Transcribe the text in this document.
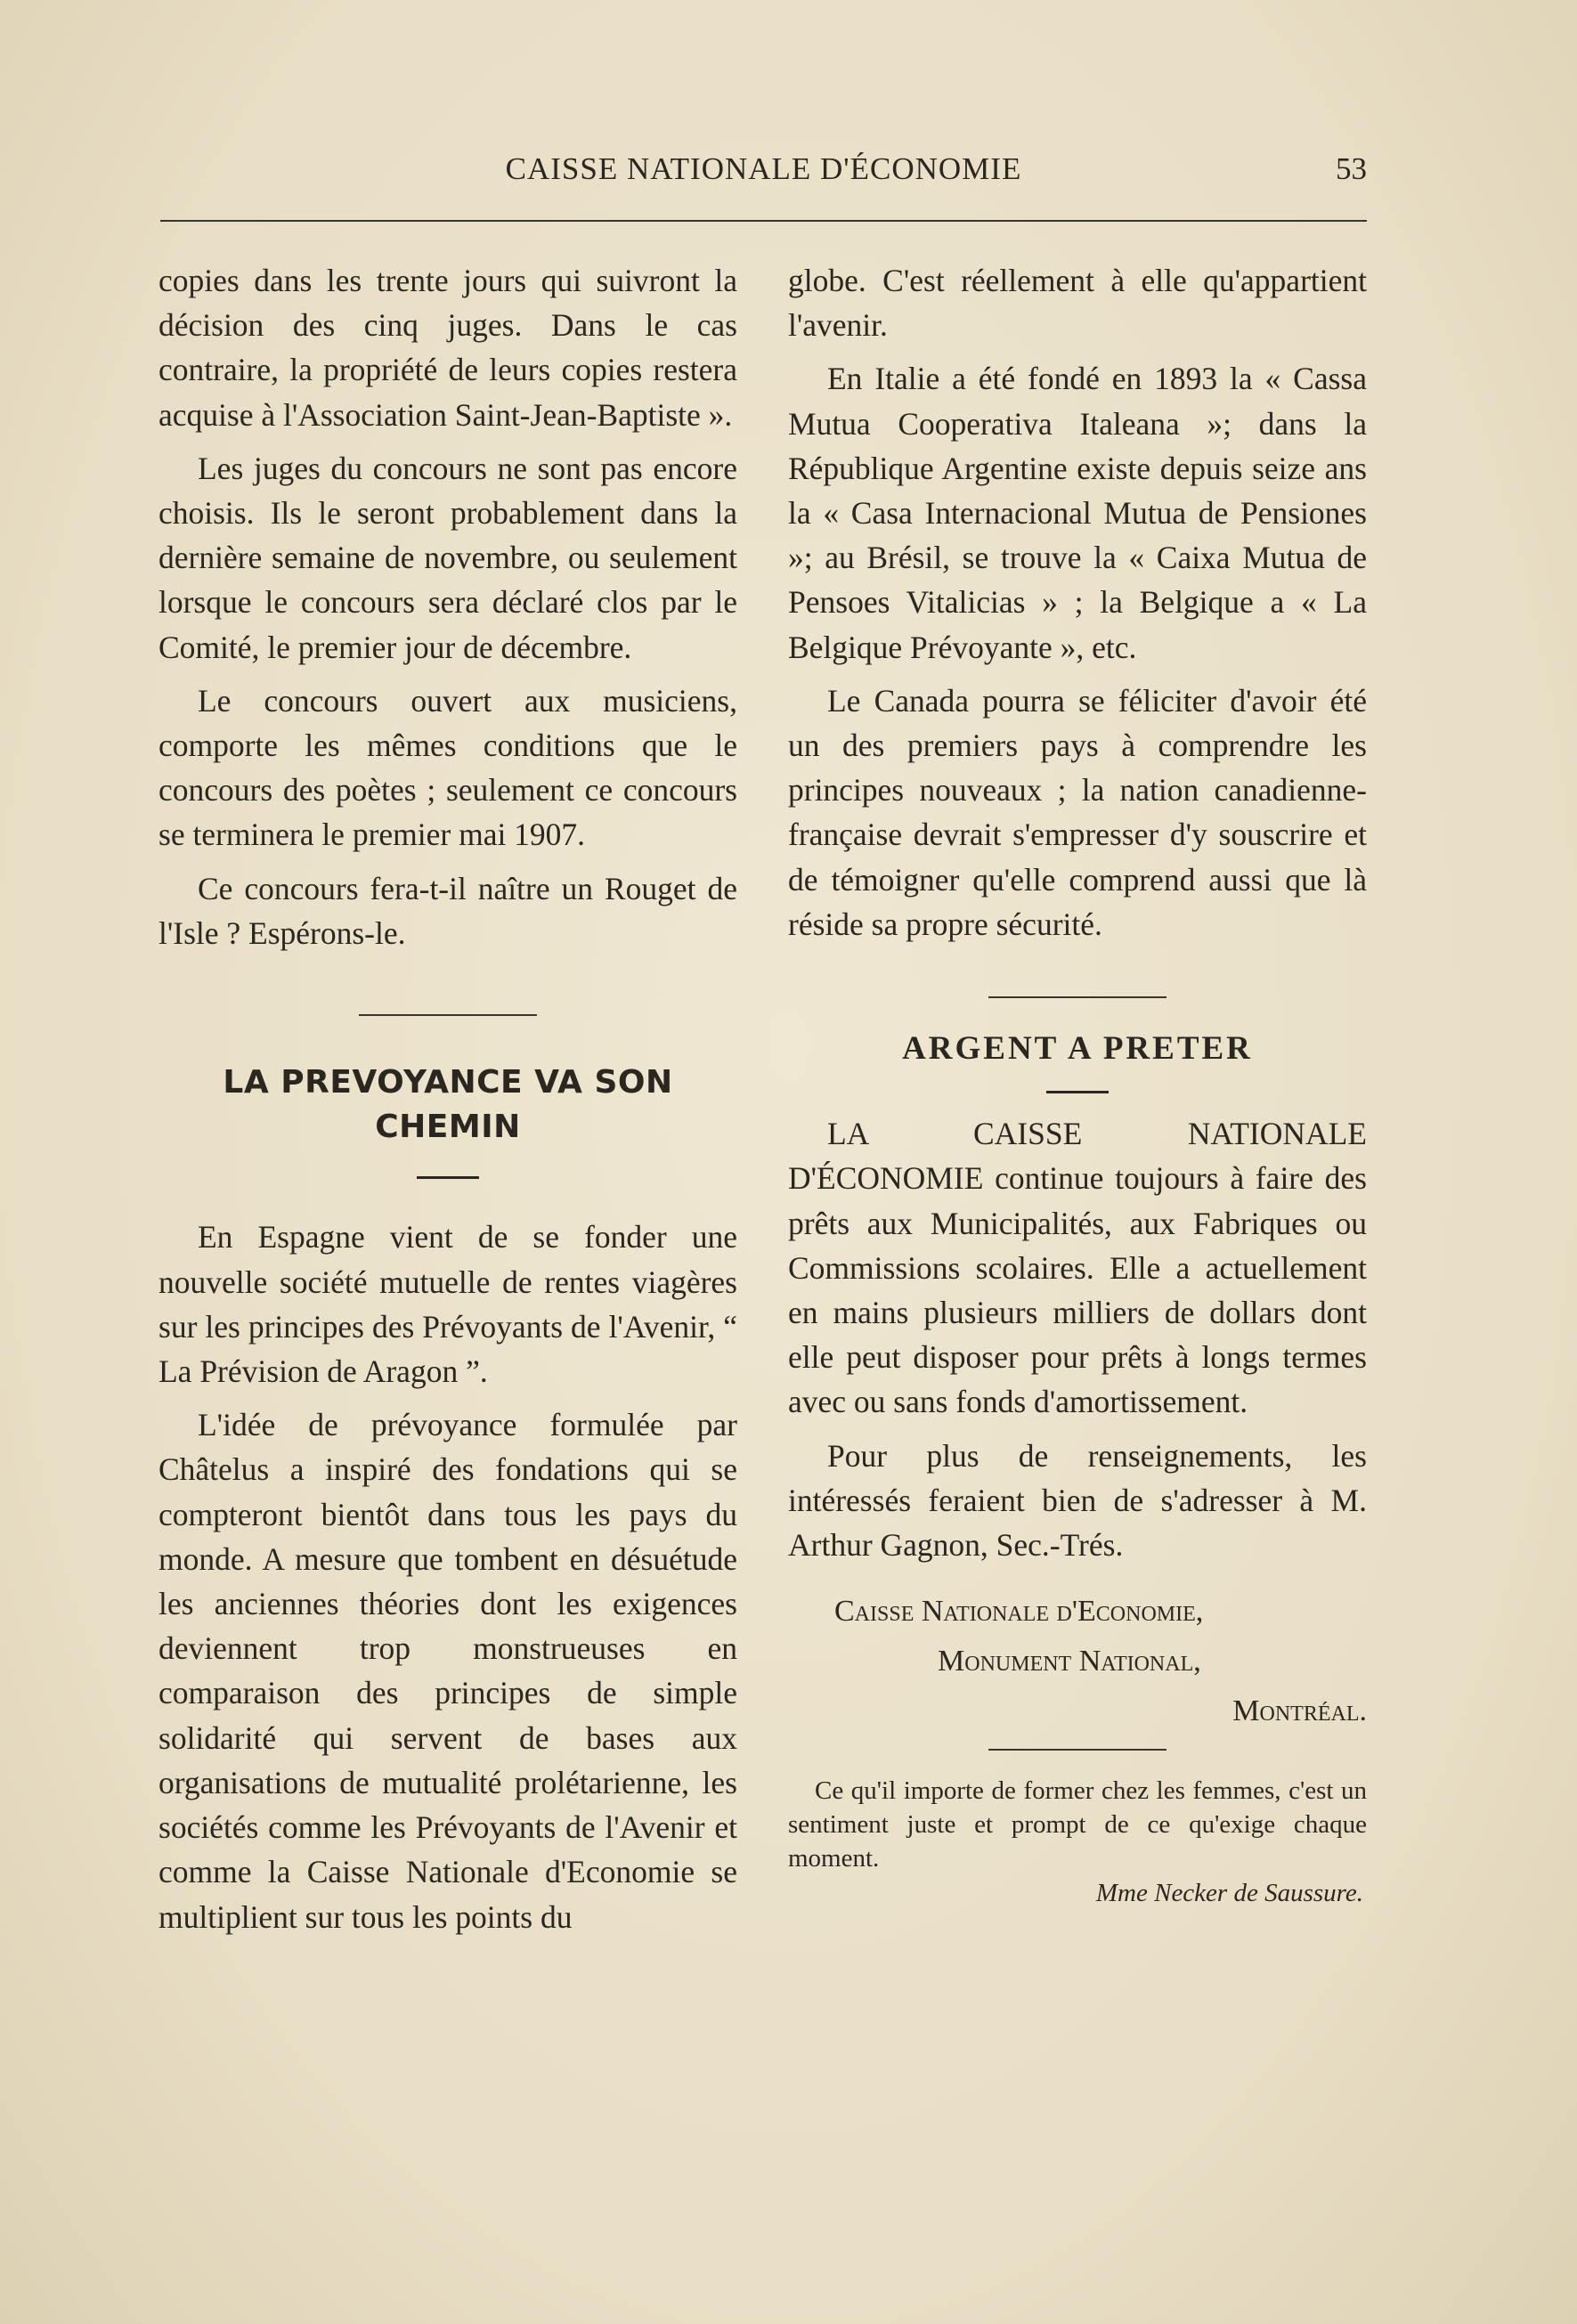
CAISSE NATIONALE D'ÉCONOMIE	53

copies dans les trente jours qui suivront la décision des cinq juges. Dans le cas contraire, la propriété de leurs copies restera acquise à l'Association Saint-Jean-Baptiste ».

Les juges du concours ne sont pas encore choisis. Ils le seront probablement dans la dernière semaine de novembre, ou seulement lorsque le concours sera déclaré clos par le Comité, le premier jour de décembre.

Le concours ouvert aux musiciens, comporte les mêmes conditions que le concours des poètes ; seulement ce concours se terminera le premier mai 1907.

Ce concours fera-t-il naître un Rouget de l'Isle ? Espérons-le.

LA PREVOYANCE VA SON CHEMIN

En Espagne vient de se fonder une nouvelle société mutuelle de rentes viagères sur les principes des Prévoyants de l'Avenir, “ La Prévision de Aragon ”.

L'idée de prévoyance formulée par Châtelus a inspiré des fondations qui se compteront bientôt dans tous les pays du monde. A mesure que tombent en désuétude les anciennes théories dont les exigences deviennent trop monstrueuses en comparaison des principes de simple solidarité qui servent de bases aux organisations de mutualité prolétarienne, les sociétés comme les Prévoyants de l'Avenir et comme la Caisse Nationale d'Economie se multiplient sur tous les points du

globe. C'est réellement à elle qu'appartient l'avenir.

En Italie a été fondé en 1893 la « Cassa Mutua Cooperativa Italeana »; dans la République Argentine existe depuis seize ans la « Casa Internacional Mutua de Pensiones »; au Brésil, se trouve la « Caixa Mutua de Pensoes Vitalicias » ; la Belgique a « La Belgique Prévoyante », etc.

Le Canada pourra se féliciter d'avoir été un des premiers pays à comprendre les principes nouveaux ; la nation canadienne-française devrait s'empresser d'y souscrire et de témoigner qu'elle comprend aussi que là réside sa propre sécurité.

ARGENT A PRETER

LA CAISSE NATIONALE D'ÉCONOMIE continue toujours à faire des prêts aux Municipalités, aux Fabriques ou Commissions scolaires. Elle a actuellement en mains plusieurs milliers de dollars dont elle peut disposer pour prêts à longs termes avec ou sans fonds d'amortissement.

Pour plus de renseignements, les intéressés feraient bien de s'adresser à M. Arthur Gagnon, Sec.-Trés.

Caisse Nationale d'Economie,
Monument National,
Montréal.

Ce qu'il importe de former chez les femmes, c'est un sentiment juste et prompt de ce qu'exige chaque moment.

Mme Necker de Saussure.
